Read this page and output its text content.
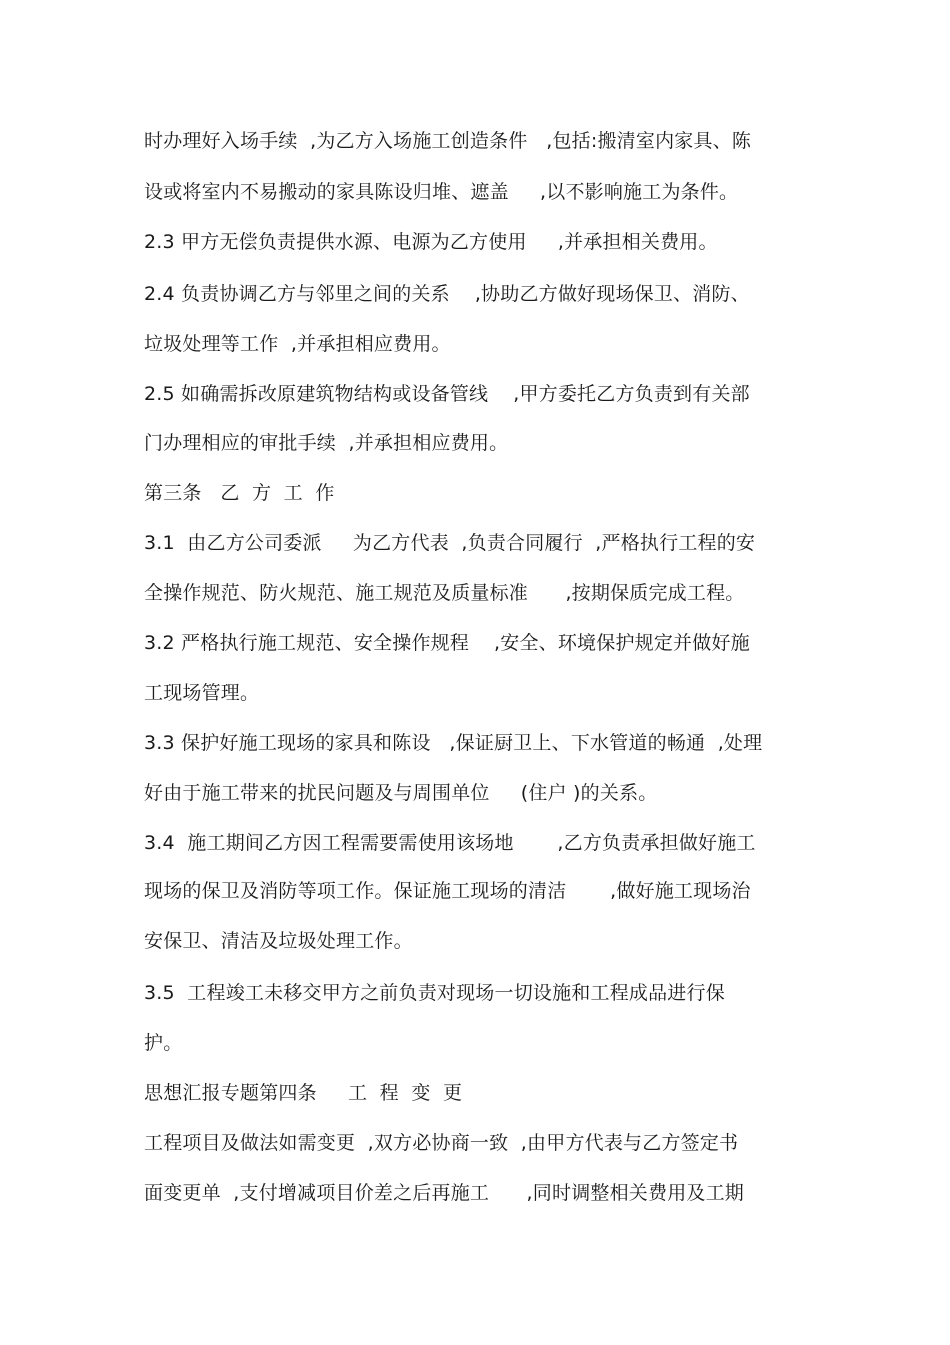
时办理好入场手续  ,为乙方入场施工创造条件   ,包括:搬清室内家具、陈
设或将室内不易搬动的家具陈设归堆、遮盖     ,以不影响施工为条件。
2.3 甲方无偿负责提供水源、电源为乙方使用     ,并承担相关费用。
2.4 负责协调乙方与邻里之间的关系    ,协助乙方做好现场保卫、消防、
垃圾处理等工作  ,并承担相应费用。
2.5 如确需拆改原建筑物结构或设备管线    ,甲方委托乙方负责到有关部
门办理相应的审批手续  ,并承担相应费用。
第三条   乙  方  工  作
3.1  由乙方公司委派     为乙方代表  ,负责合同履行  ,严格执行工程的安
全操作规范、防火规范、施工规范及质量标准      ,按期保质完成工程。
3.2 严格执行施工规范、安全操作规程    ,安全、环境保护规定并做好施
工现场管理。
3.3 保护好施工现场的家具和陈设   ,保证厨卫上、下水管道的畅通  ,处理
好由于施工带来的扰民问题及与周围单位     (住户 )的关系。
3.4  施工期间乙方因工程需要需使用该场地       ,乙方负责承担做好施工
现场的保卫及消防等项工作。保证施工现场的清洁       ,做好施工现场治
安保卫、清洁及垃圾处理工作。
3.5  工程竣工未移交甲方之前负责对现场一切设施和工程成品进行保
护。
思想汇报专题第四条     工  程  变  更
工程项目及做法如需变更  ,双方必协商一致  ,由甲方代表与乙方签定书
面变更单  ,支付增减项目价差之后再施工      ,同时调整相关费用及工期
